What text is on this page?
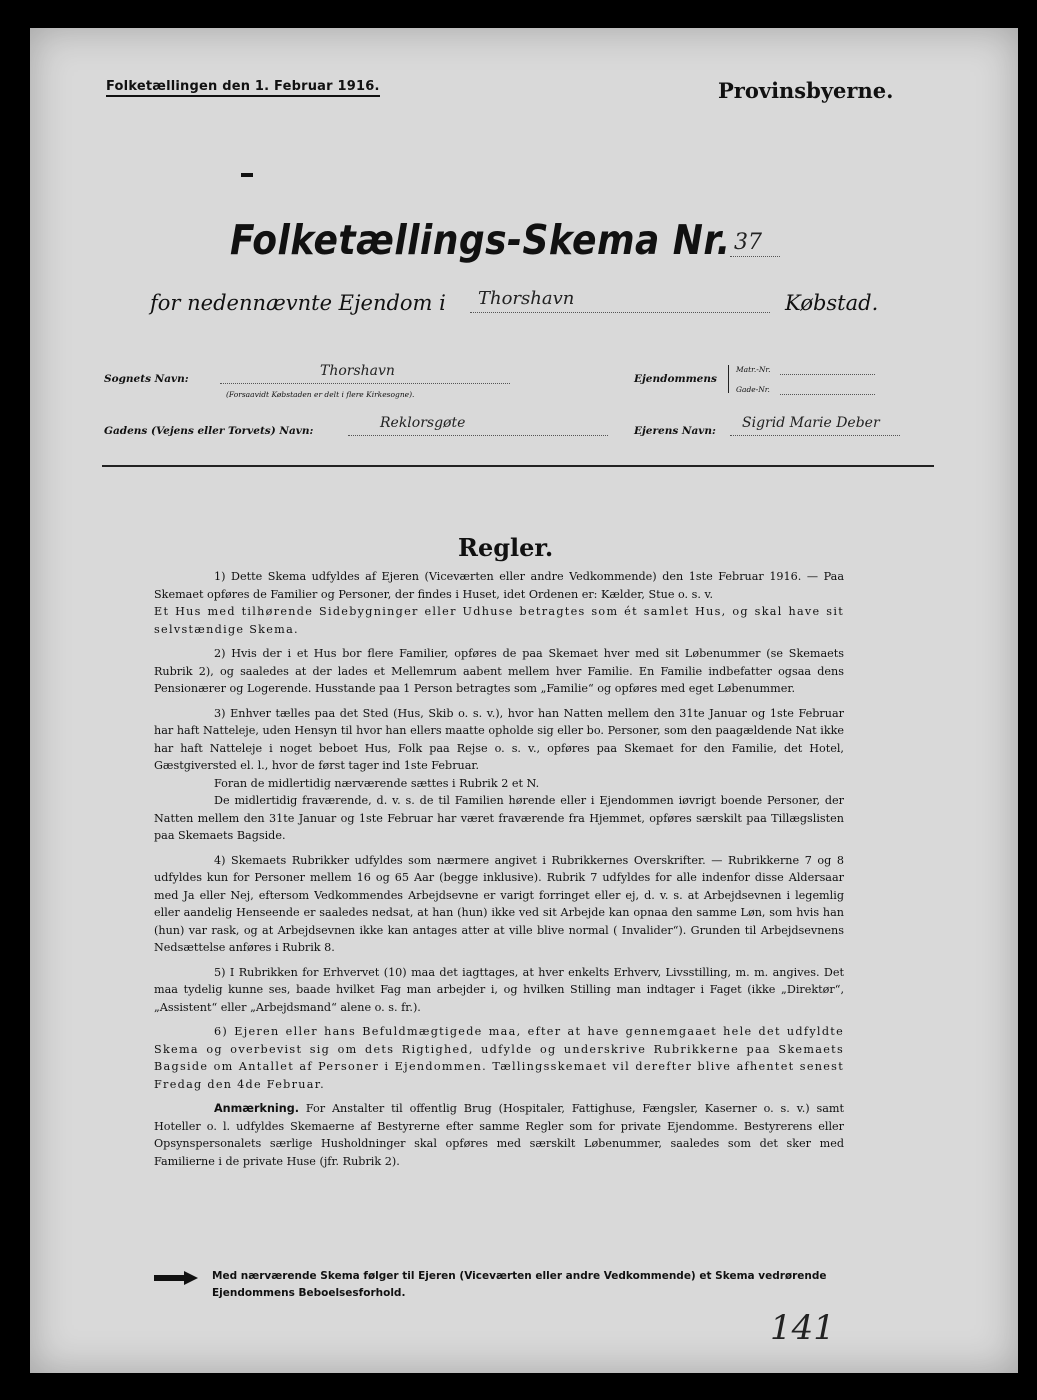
Folketællingen den 1. Februar 1916.	Provinsbyerne.
Folketællings-Skema Nr. 37
for nedennævnte Ejendom i Thorshavn	Købstad.
Sognets Navn:	Thorshavn
(Forsaavidt Købstaden er delt i flere Kirkesogne).
Ejendommens
Matr.-Nr.
Gade-Nr.
Gadens (Vejens eller Torvets) Navn:	Reklorsgøte	Ejerens Navn: Sigrid Marie Deber
Regler.

1) Dette Skema udfyldes af Ejeren (Viceværten eller andre Vedkommende) den 1ste Februar 1916. — Paa Skemaet opføres de Familier og Personer, der findes i Huset, idet Ordenen er: Kælder, Stue o. s. v.

Et Hus med tilhørende Sidebygninger eller Udhuse betragtes som ét samlet Hus, og skal have sit selvstændige Skema.

2) Hvis der i et Hus bor flere Familier, opføres de paa Skemaet hver med sit Løbenummer (se Skemaets Rubrik 2), og saaledes at der lades et Mellemrum aabent mellem hver Familie. En Familie indbefatter ogsaa dens Pensionærer og Logerende. Husstande paa 1 Person betragtes som „Familie“ og opføres med eget Løbenummer.

3) Enhver tælles paa det Sted (Hus, Skib o. s. v.), hvor han Natten mellem den 31te Januar og 1ste Februar har haft Natteleje, uden Hensyn til hvor han ellers maatte opholde sig eller bo. Personer, som den paagældende Nat ikke har haft Natteleje i noget beboet Hus, Folk paa Rejse o. s. v., opføres paa Skemaet for den Familie, det Hotel, Gæstgiversted el. l., hvor de først tager ind 1ste Februar.

Foran de midlertidig nærværende sættes i Rubrik 2 et N.

De midlertidig fraværende, d. v. s. de til Familien hørende eller i Ejendommen iøvrigt boende Personer, der Natten mellem den 31te Januar og 1ste Februar har været fraværende fra Hjemmet, opføres særskilt paa Tillægslisten paa Skemaets Bagside.

4) Skemaets Rubrikker udfyldes som nærmere angivet i Rubrikkernes Overskrifter. — Rubrikkerne 7 og 8 udfyldes kun for Personer mellem 16 og 65 Aar (begge inklusive). Rubrik 7 udfyldes for alle indenfor disse Aldersaar med Ja eller Nej, eftersom Vedkommendes Arbejdsevne er varigt forringet eller ej, d. v. s. at Arbejdsevnen i legemlig eller aandelig Henseende er saaledes nedsat, at han (hun) ikke ved sit Arbejde kan opnaa den samme Løn, som hvis han (hun) var rask, og at Arbejdsevnen ikke kan antages atter at ville blive normal ( Invalider“). Grunden til Arbejdsevnens Nedsættelse anføres i Rubrik 8.

5) I Rubrikken for Erhvervet (10) maa det iagttages, at hver enkelts Erhverv, Livsstilling, m. m. angives. Det maa tydelig kunne ses, baade hvilket Fag man arbejder i, og hvilken Stilling man indtager i Faget (ikke „Direktør“, „Assistent“ eller „Arbejdsmand“ alene o. s. fr.).

6) Ejeren eller hans Befuldmægtigede maa, efter at have gennemgaaet hele det udfyldte Skema og overbevist sig om dets Rigtighed, udfylde og underskrive Rubrikkerne paa Skemaets Bagside om Antallet af Personer i Ejendommen. Tællingsskemaet vil derefter blive afhentet senest Fredag den 4de Februar.

Anmærkning. For Anstalter til offentlig Brug (Hospitaler, Fattighuse, Fængsler, Kaserner o. s. v.) samt Hoteller o. l. udfyldes Skemaerne af Bestyrerne efter samme Regler som for private Ejendomme. Bestyrerens eller Opsynspersonalets særlige Husholdninger skal opføres med særskilt Løbenummer, saaledes som det sker med Familierne i de private Huse (jfr. Rubrik 2).

Med nærværende Skema følger til Ejeren (Viceværten eller andre Vedkommende) et Skema vedrørende Ejendommens Beboelsesforhold.
141
